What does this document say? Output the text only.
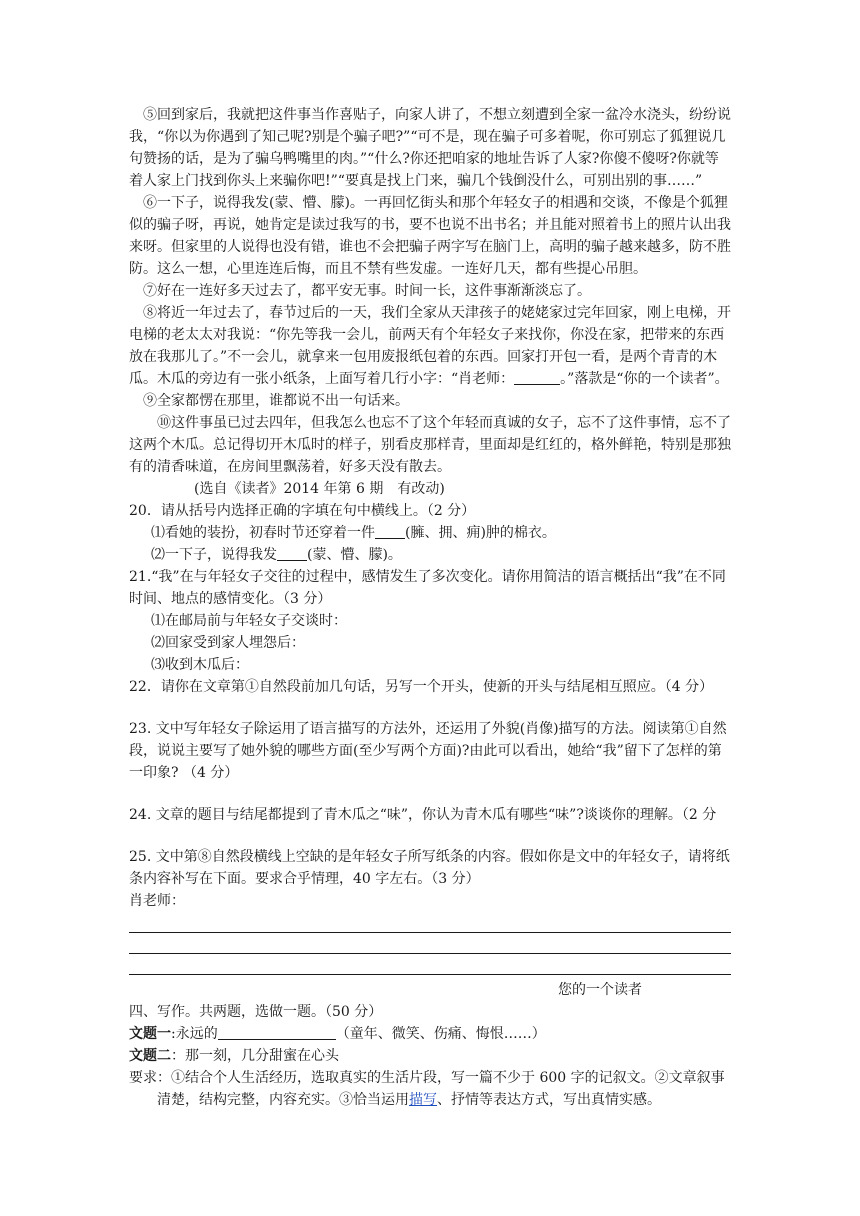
⑤回到家后，我就把这件事当作喜贴子，向家人讲了，不想立刻遭到全家一盆冷水浇头，纷纷说我，“你以为你遇到了知己呢?别是个骗子吧?”“可不是，现在骗子可多着呢，你可别忘了狐狸说几句赞扬的话，是为了骗乌鸭嘴里的肉。”“什么?你还把咱家的地址告诉了人家?你傻不傻呀?你就等着人家上门找到你头上来骗你吧!”“要真是找上门来，骗几个钱倒没什么，可别出别的事……”

⑥一下子，说得我发(蒙、懵、朦)。一再回忆街头和那个年轻女子的相遇和交谈，不像是个狐狸似的骗子呀，再说，她肯定是读过我写的书，要不也说不出书名；并且能对照着书上的照片认出我来呀。但家里的人说得也没有错，谁也不会把骗子两字写在脑门上，高明的骗子越来越多，防不胜防。这么一想，心里连连后悔，而且不禁有些发虚。一连好几天，都有些提心吊胆。

⑦好在一连好多天过去了，都平安无事。时间一长，这件事渐渐淡忘了。

⑧将近一年过去了，春节过后的一天，我们全家从天津孩子的姥姥家过完年回家，刚上电梯，开电梯的老太太对我说：“你先等我一会儿，前两天有个年轻女子来找你，你没在家，把带来的东西放在我那儿了。”不一会儿，就拿来一包用废报纸包着的东西。回家打开包一看，是两个青青的木瓜。木瓜的旁边有一张小纸条，上面写着几行小字：“肖老师：	。”落款是“你的一个读者”。

⑨全家都愣在那里，谁都说不出一句话来。

⑩这件事虽已过去四年，但我怎么也忘不了这个年轻而真诚的女子，忘不了这件事情，忘不了这两个木瓜。总记得切开木瓜时的样子，别看皮那样青，里面却是红红的，格外鲜艳，特别是那独有的清香味道，在房间里飘荡着，好多天没有散去。

(选自《读者》2014 年第 6 期　有改动)

20．请从括号内选择正确的字填在句中横线上。（2 分）

⑴看她的装扮，初春时节还穿着一件 (臃、拥、痈)肿的棉衣。

⑵一下子，说得我发 (蒙、懵、朦)。

21.“我”在与年轻女子交往的过程中，感情发生了多次变化。请你用简洁的语言概括出“我”在不同时间、地点的感情变化。（3 分）

⑴在邮局前与年轻女子交谈时：

⑵回家受到家人埋怨后：

⑶收到木瓜后：

22．请你在文章第①自然段前加几句话，另写一个开头，使新的开头与结尾相互照应。（4 分）

23. 文中写年轻女子除运用了语言描写的方法外，还运用了外貌(肖像)描写的方法。阅读第①自然段，说说主要写了她外貌的哪些方面(至少写两个方面)?由此可以看出，她给“我”留下了怎样的第一印象? （4 分）

24. 文章的题目与结尾都提到了青木瓜之“味”，你认为青木瓜有哪些“味”?谈谈你的理解。（2 分

25. 文中第⑧自然段横线上空缺的是年轻女子所写纸条的内容。假如你是文中的年轻女子，请将纸条内容补写在下面。要求合乎情理，40 字左右。（3 分）

肖老师：

您的一个读者

四、写作。共两题，选做一题。（50 分）

文题一:永远的	（童年、微笑、伤痛、悔恨……）

文题二：那一刻，几分甜蜜在心头

要求：①结合个人生活经历，选取真实的生活片段，写一篇不少于 600 字的记叙文。②文章叙事清楚，结构完整，内容充实。③恰当运用描写、抒情等表达方式，写出真情实感。
